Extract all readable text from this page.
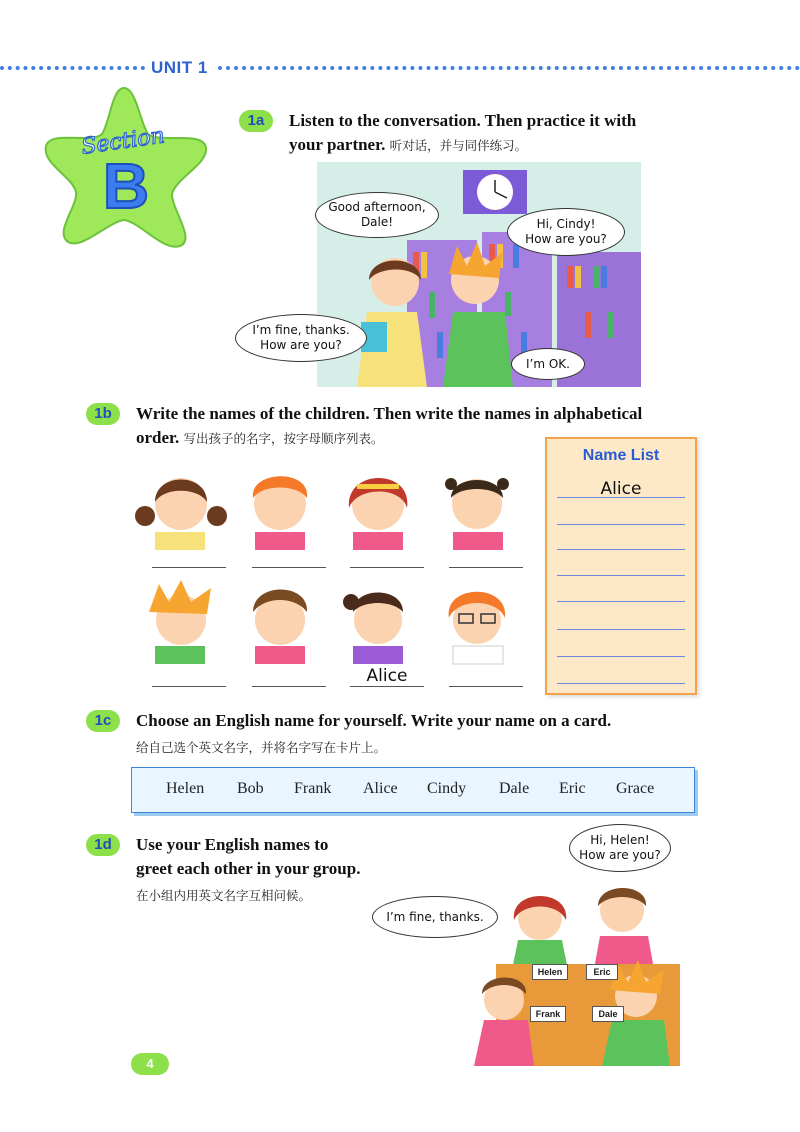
UNIT 1
Section
B
1a	Listen to the conversation. Then practice it with
your partner. 听对话，并与同伴练习。
Good afternoon,
Dale!	Hi, Cindy!
How are you?
I’m fine, thanks.
How are you?
I’m OK.
1b	Write the names of the children. Then write the names in alphabetical
order. 写出孩子的名字，按字母顺序列表。
Alice
Name List
Alice
1c	Choose an English name for yourself. Write your name on a card.
给自己选个英文名字，并将名字写在卡片上。
Helen Bob Frank Alice Cindy Dale Eric Grace
1d	Use your English names to
greet each other in your group.
在小组内用英文名字互相问候。
Helen	Eric
Frank	Dale
Hi, Helen!
How are you?
I’m fine, thanks.
4
